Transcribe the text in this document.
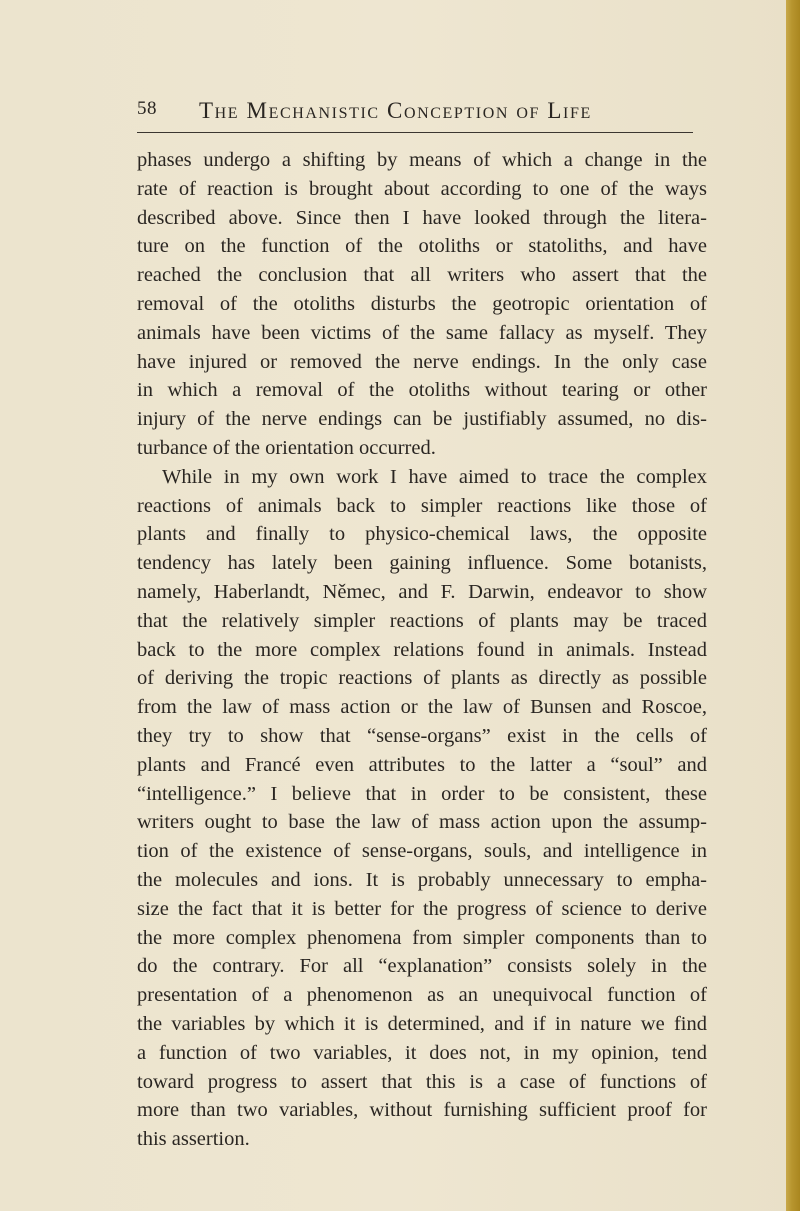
58 The Mechanistic Conception of Life
phases undergo a shifting by means of which a change in the
rate of reaction is brought about according to one of the ways
described above. Since then I have looked through the litera-
ture on the function of the otoliths or statoliths, and have
reached the conclusion that all writers who assert that the
removal of the otoliths disturbs the geotropic orientation of
animals have been victims of the same fallacy as myself. They
have injured or removed the nerve endings. In the only case
in which a removal of the otoliths without tearing or other
injury of the nerve endings can be justifiably assumed, no dis-
turbance of the orientation occurred.
While in my own work I have aimed to trace the complex
reactions of animals back to simpler reactions like those of
plants and finally to physico-chemical laws, the opposite
tendency has lately been gaining influence. Some botanists,
namely, Haberlandt, Němec, and F. Darwin, endeavor to show
that the relatively simpler reactions of plants may be traced
back to the more complex relations found in animals. Instead
of deriving the tropic reactions of plants as directly as possible
from the law of mass action or the law of Bunsen and Roscoe,
they try to show that “sense-organs” exist in the cells of
plants and Francé even attributes to the latter a “soul” and
“intelligence.” I believe that in order to be consistent, these
writers ought to base the law of mass action upon the assump-
tion of the existence of sense-organs, souls, and intelligence in
the molecules and ions. It is probably unnecessary to empha-
size the fact that it is better for the progress of science to derive
the more complex phenomena from simpler components than to
do the contrary. For all “explanation” consists solely in the
presentation of a phenomenon as an unequivocal function of
the variables by which it is determined, and if in nature we find
a function of two variables, it does not, in my opinion, tend
toward progress to assert that this is a case of functions of
more than two variables, without furnishing sufficient proof for
this assertion.
